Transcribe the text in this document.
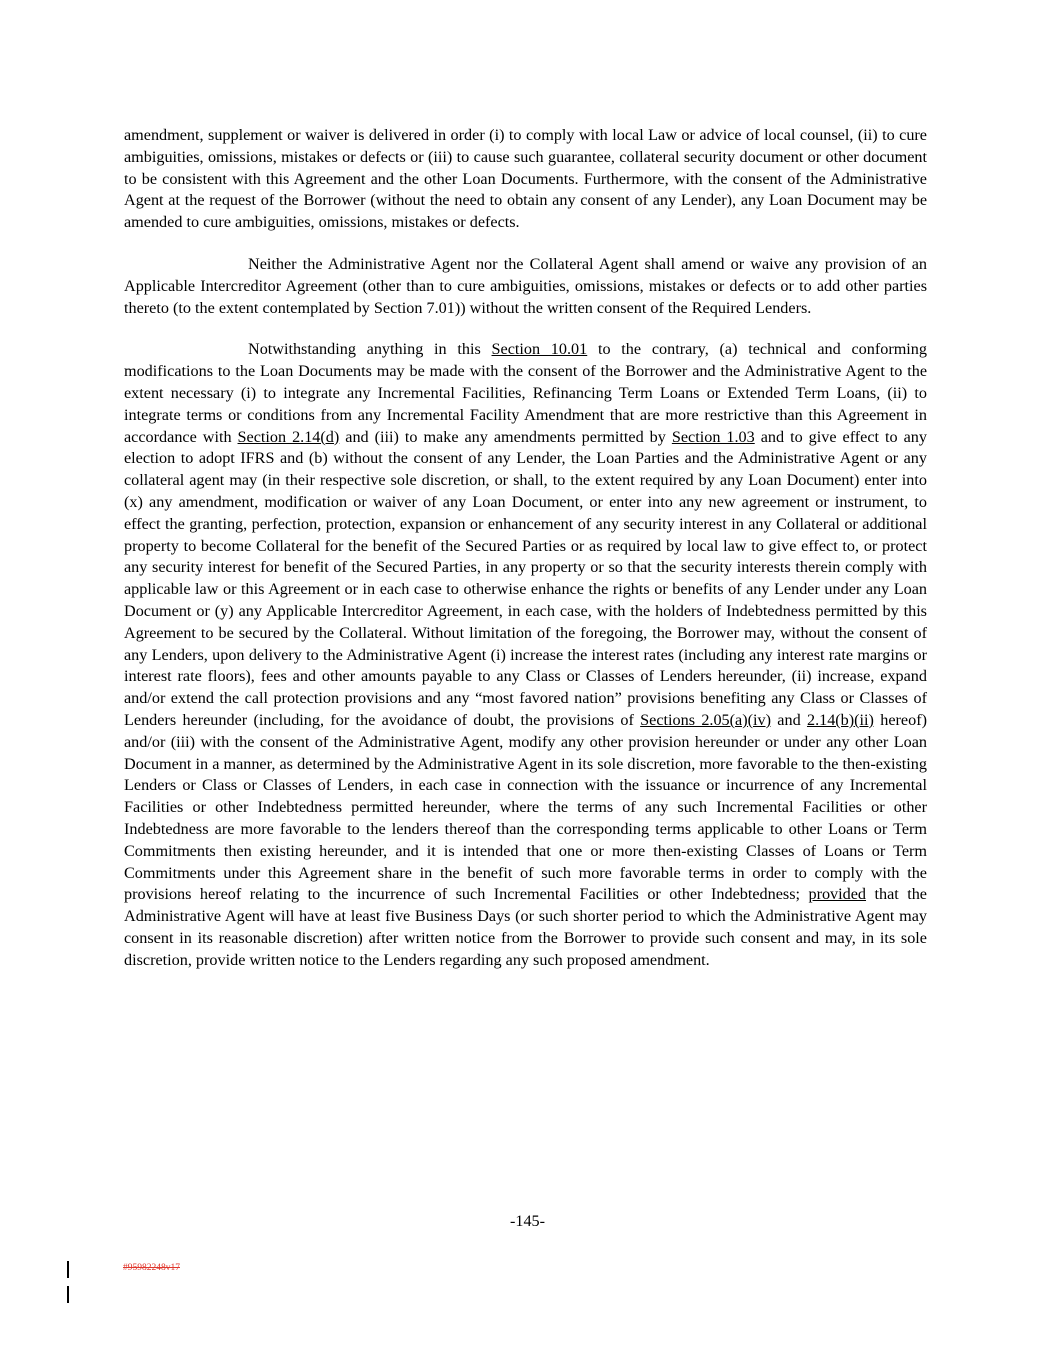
amendment, supplement or waiver is delivered in order (i) to comply with local Law or advice of local counsel, (ii) to cure ambiguities, omissions, mistakes or defects or (iii) to cause such guarantee, collateral security document or other document to be consistent with this Agreement and the other Loan Documents. Furthermore, with the consent of the Administrative Agent at the request of the Borrower (without the need to obtain any consent of any Lender), any Loan Document may be amended to cure ambiguities, omissions, mistakes or defects.

Neither the Administrative Agent nor the Collateral Agent shall amend or waive any provision of an Applicable Intercreditor Agreement (other than to cure ambiguities, omissions, mistakes or defects or to add other parties thereto (to the extent contemplated by Section 7.01)) without the written consent of the Required Lenders.

Notwithstanding anything in this Section 10.01 to the contrary, (a) technical and conforming modifications to the Loan Documents may be made with the consent of the Borrower and the Administrative Agent to the extent necessary (i) to integrate any Incremental Facilities, Refinancing Term Loans or Extended Term Loans, (ii) to integrate terms or conditions from any Incremental Facility Amendment that are more restrictive than this Agreement in accordance with Section 2.14(d) and (iii) to make any amendments permitted by Section 1.03 and to give effect to any election to adopt IFRS and (b) without the consent of any Lender, the Loan Parties and the Administrative Agent or any collateral agent may (in their respective sole discretion, or shall, to the extent required by any Loan Document) enter into (x) any amendment, modification or waiver of any Loan Document, or enter into any new agreement or instrument, to effect the granting, perfection, protection, expansion or enhancement of any security interest in any Collateral or additional property to become Collateral for the benefit of the Secured Parties or as required by local law to give effect to, or protect any security interest for benefit of the Secured Parties, in any property or so that the security interests therein comply with applicable law or this Agreement or in each case to otherwise enhance the rights or benefits of any Lender under any Loan Document or (y) any Applicable Intercreditor Agreement, in each case, with the holders of Indebtedness permitted by this Agreement to be secured by the Collateral. Without limitation of the foregoing, the Borrower may, without the consent of any Lenders, upon delivery to the Administrative Agent (i) increase the interest rates (including any interest rate margins or interest rate floors), fees and other amounts payable to any Class or Classes of Lenders hereunder, (ii) increase, expand and/or extend the call protection provisions and any “most favored nation” provisions benefiting any Class or Classes of Lenders hereunder (including, for the avoidance of doubt, the provisions of Sections 2.05(a)(iv) and 2.14(b)(ii) hereof) and/or (iii) with the consent of the Administrative Agent, modify any other provision hereunder or under any other Loan Document in a manner, as determined by the Administrative Agent in its sole discretion, more favorable to the then-existing Lenders or Class or Classes of Lenders, in each case in connection with the issuance or incurrence of any Incremental Facilities or other Indebtedness permitted hereunder, where the terms of any such Incremental Facilities or other Indebtedness are more favorable to the lenders thereof than the corresponding terms applicable to other Loans or Term Commitments then existing hereunder, and it is intended that one or more then-existing Classes of Loans or Term Commitments under this Agreement share in the benefit of such more favorable terms in order to comply with the provisions hereof relating to the incurrence of such Incremental Facilities or other Indebtedness; provided that the Administrative Agent will have at least five Business Days (or such shorter period to which the Administrative Agent may consent in its reasonable discretion) after written notice from the Borrower to provide such consent and may, in its sole discretion, provide written notice to the Lenders regarding any such proposed amendment.

-145-
#95982248v17
